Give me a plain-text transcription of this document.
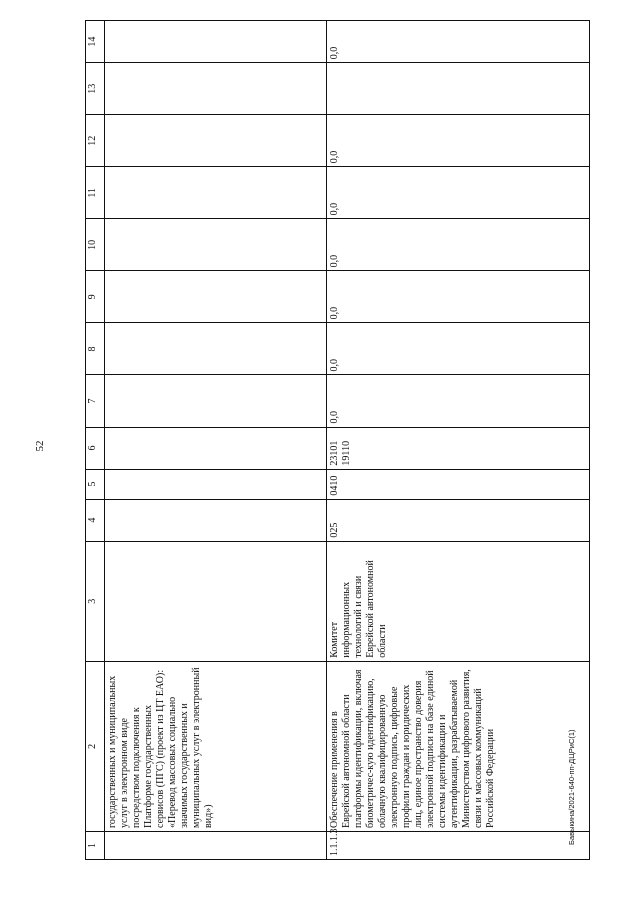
52
1	2	3	4	5	6	7	8	9	10	11	12	13	14
	государственных и муниципальных услуг в электронном виде посредством подключения к Платформе государственных сервисов (ПГС) (проект из ЦТ ЕАО): «Перевод массовых социально значимых государственных и муниципальных услуг в электронный вид»)												
1.1.1.3	Обеспечение применения в Еврейской автономной области платформы идентификации, включая биометричес-кую идентификацию, облачную квалифицированную электронную подпись, цифровые профили граждан и юридических лиц, единое пространство доверия электронной подписи на базе единой системы идентификации и аутентификации, разрабатываемой Министерством цифрового развития, связи и массовых коммуникаций Российской Федерации	Комитет информационных технологий и связи Еврейской автономной области	025	0410	23101 19110	0,0	0,0	0,0	0,0	0,0	0,0		0,0
Бавыкина/2021-640-пп-ДЦРиС(1)
